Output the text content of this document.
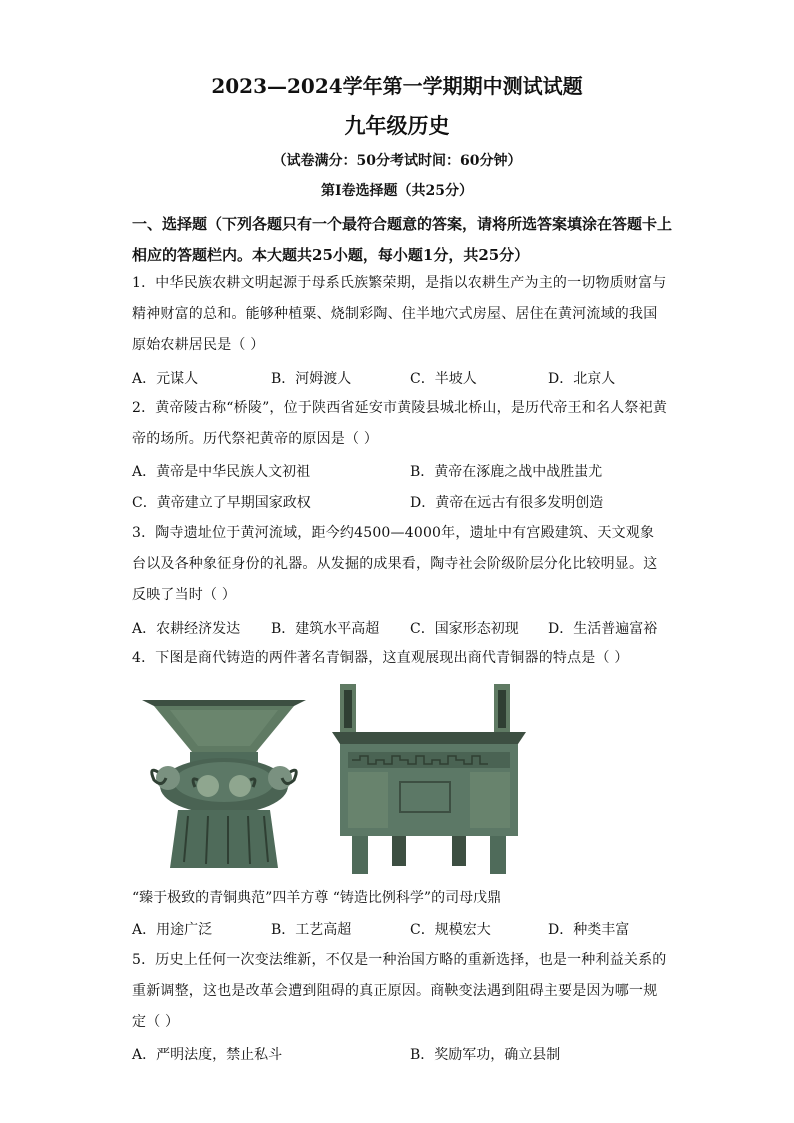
2023—2024学年第一学期期中测试试题
九年级历史
（试卷满分：50分考试时间：60分钟）
第Ⅰ卷选择题（共25分）
一、选择题（下列各题只有一个最符合题意的答案，请将所选答案填涂在答题卡上相应的答题栏内。本大题共25小题，每小题1分，共25分）
1．中华民族农耕文明起源于母系氏族繁荣期，是指以农耕生产为主的一切物质财富与精神财富的总和。能够种植粟、烧制彩陶、住半地穴式房屋、居住在黄河流域的我国原始农耕居民是（ ）
A．元谋人	B．河姆渡人	C．半坡人	D．北京人
2．黄帝陵古称“桥陵”，位于陕西省延安市黄陵县城北桥山，是历代帝王和名人祭祀黄帝的场所。历代祭祀黄帝的原因是（ ）
A．黄帝是中华民族人文初祖	B．黄帝在涿鹿之战中战胜蚩尤
C．黄帝建立了早期国家政权	D．黄帝在远古有很多发明创造
3．陶寺遗址位于黄河流域，距今约4500—4000年，遗址中有宫殿建筑、天文观象台以及各种象征身份的礼器。从发掘的成果看，陶寺社会阶级阶层分化比较明显。这反映了当时（ ）
A．农耕经济发达 B．建筑水平高超 C．国家形态初现 D．生活普遍富裕
4．下图是商代铸造的两件著名青铜器，这直观展现出商代青铜器的特点是（ ）
“臻于极致的青铜典范”四羊方尊 “铸造比例科学”的司母戊鼎
A．用途广泛	B．工艺高超	C．规模宏大	D．种类丰富
5．历史上任何一次变法维新，不仅是一种治国方略的重新选择，也是一种利益关系的重新调整，这也是改革会遭到阻碍的真正原因。商鞅变法遇到阻碍主要是因为哪一规定（ ）
A．严明法度，禁止私斗	B．奖励军功，确立县制
